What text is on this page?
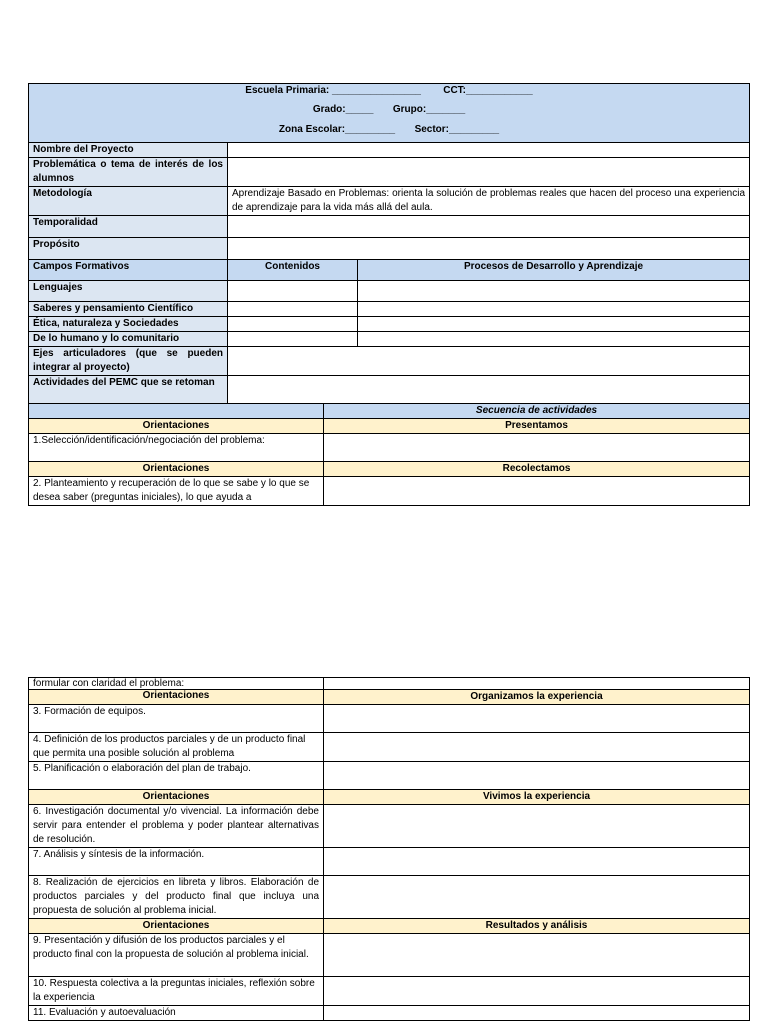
Escuela Primaria: ________________ CCT:____________
Grado:_____ Grupo:_______
Zona Escolar:_________ Sector:_________			

Nombre del Proyecto			
Problemática o tema de interés de los alumnos			
Metodología	Aprendizaje Basado en Problemas: orienta la solución de problemas reales que hacen del proceso una experiencia de aprendizaje para la vida más allá del aula.		
Temporalidad			
Propósito			
Campos Formativos	Contenidos		Procesos de Desarrollo y Aprendizaje
Lenguajes			
Saberes y pensamiento Científico			
Ética, naturaleza y Sociedades			
De lo humano y lo comunitario			
Ejes articuladores (que se pueden integrar al proyecto)			

Actividades del PEMC que se retoman			

		Secuencia de actividades	
Orientaciones		Presentamos	
1.Selección/identificación/negociación del problema:			
Orientaciones		Recolectamos	
2. Planteamiento y recuperación de lo que se sabe y lo que se desea saber (preguntas iniciales), lo que ayuda a			
formular con claridad el problema:	
Orientaciones	Organizamos la experiencia
3. Formación de equipos.	
4. Definición de los productos parciales y de un producto final que permita una posible solución al problema	
5. Planificación o elaboración del plan de trabajo.	
Orientaciones	Vivimos la experiencia
6. Investigación documental y/o vivencial. La información debe servir para entender el problema y poder plantear alternativas de resolución.	
7. Análisis y síntesis de la información.	
8. Realización de ejercicios en libreta y libros. Elaboración de productos parciales y del producto final que incluya una propuesta de solución al problema inicial.	
Orientaciones	Resultados y análisis
9. Presentación y difusión de los productos parciales y el producto final con la propuesta de solución al problema inicial.	
10. Respuesta colectiva a la preguntas iniciales, reflexión sobre la experiencia	
11. Evaluación y autoevaluación	
